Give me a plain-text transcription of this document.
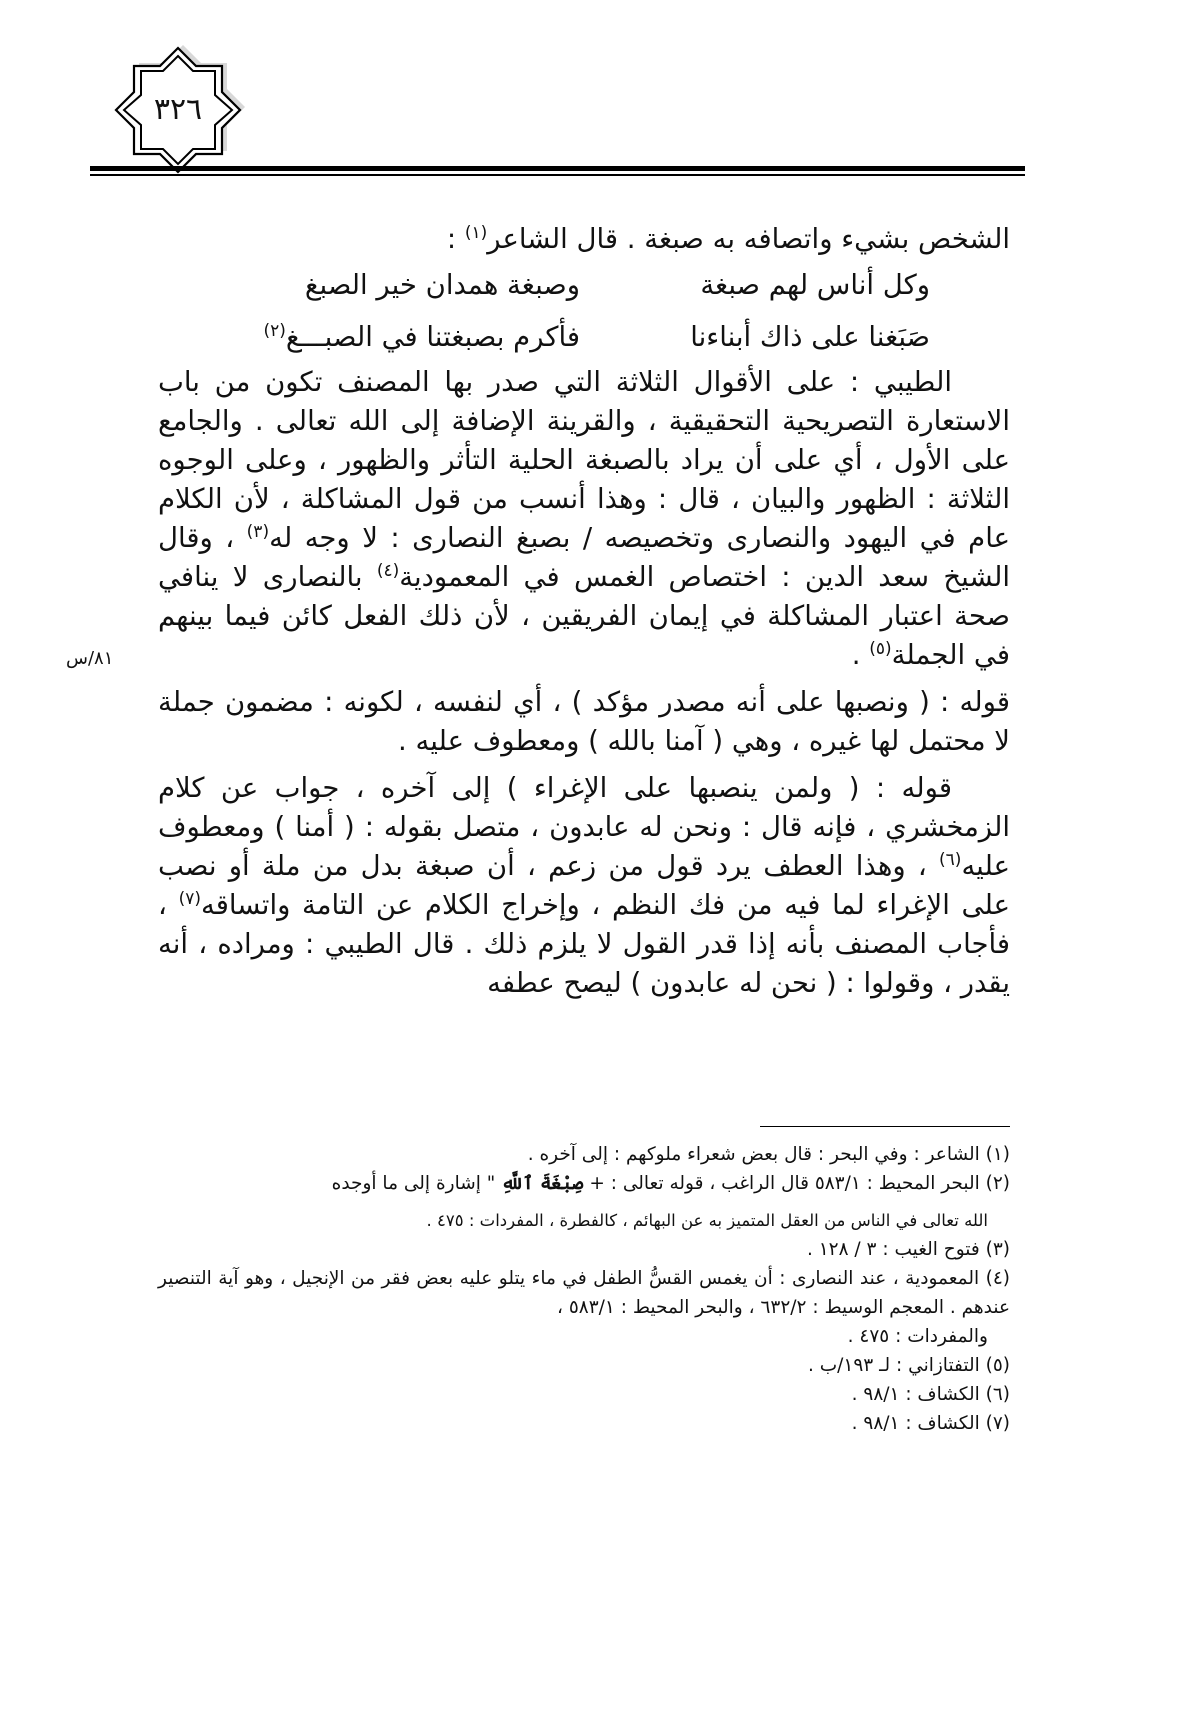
٣٢٦

الشخص بشيء واتصافه به صبغة . قال الشاعر$^{(١)}$ :

وكل أناس لهم صبغة
وصبغة همدان خير الصبغ
صَبَغنا على ذاك أبناءنا
فأكرم بصبغتنا في الصبـــغ$^{(٢)}$

الطيبي : على الأقوال الثلاثة التي صدر بها المصنف تكون من باب الاستعارة التصريحية التحقيقية ، والقرينة الإضافة إلى الله تعالى . والجامع على الأول ، أي على أن يراد بالصبغة الحلية التأثر والظهور ، وعلى الوجوه الثلاثة : الظهور والبيان ، قال : وهذا أنسب من قول المشاكلة ، لأن الكلام عام في اليهود والنصارى وتخصيصه / بصبغ النصارى : لا وجه له$^{(٣)}$ ، وقال الشيخ سعد الدين : اختصاص الغمس في المعمودية$^{(٤)}$ بالنصارى لا ينافي صحة اعتبار المشاكلة في إيمان الفريقين ، لأن ذلك الفعل كائن فيما بينهم في الجملة$^{(٥)}$ .

قوله : ( ونصبها على أنه مصدر مؤكد ) ، أي لنفسه ، لكونه : مضمون جملة لا محتمل لها غيره ، وهي ( آمنا بالله ) ومعطوف عليه .

قوله : ( ولمن ينصبها على الإغراء ) إلى آخره ، جواب عن كلام الزمخشري ، فإنه قال : ونحن له عابدون ، متصل بقوله : ( أمنا ) ومعطوف عليه$^{(٦)}$ ، وهذا العطف يرد قول من زعم ، أن صبغة بدل من ملة أو نصب على الإغراء لما فيه من فك النظم ، وإخراج الكلام عن التامة واتساقه$^{(٧)}$ ، فأجاب المصنف بأنه إذا قدر القول لا يلزم ذلك . قال الطيبي : ومراده ، أنه يقدر ، وقولوا : ( نحن له عابدون ) ليصح عطفه

٨١/س

(١) الشاعر : وفي البحر : قال بعض شعراء ملوكهم : إلى آخره .

(٢) البحر المحيط : ٥٨٣/١ قال الراغب ، قوله تعالى : + صِبْغَةَ ٱللَّهِ " إشارة إلى ما أوجده

الله تعالى في الناس من العقل المتميز به عن البهائم ، كالفطرة ، المفردات : ٤٧٥ .

(٣) فتوح الغيب : ٣ / ١٢٨ .

(٤) المعمودية ، عند النصارى : أن يغمس القسُّ الطفل في ماء يتلو عليه بعض فقر من الإنجيل ، وهو آية التنصير عندهم . المعجم الوسيط : ٦٣٢/٢ ، والبحر المحيط : ٥٨٣/١ ،

والمفردات : ٤٧٥ .

(٥) التفتازاني : لـ ١٩٣/ب .

(٦) الكشاف : ٩٨/١ .

(٧) الكشاف : ٩٨/١ .
